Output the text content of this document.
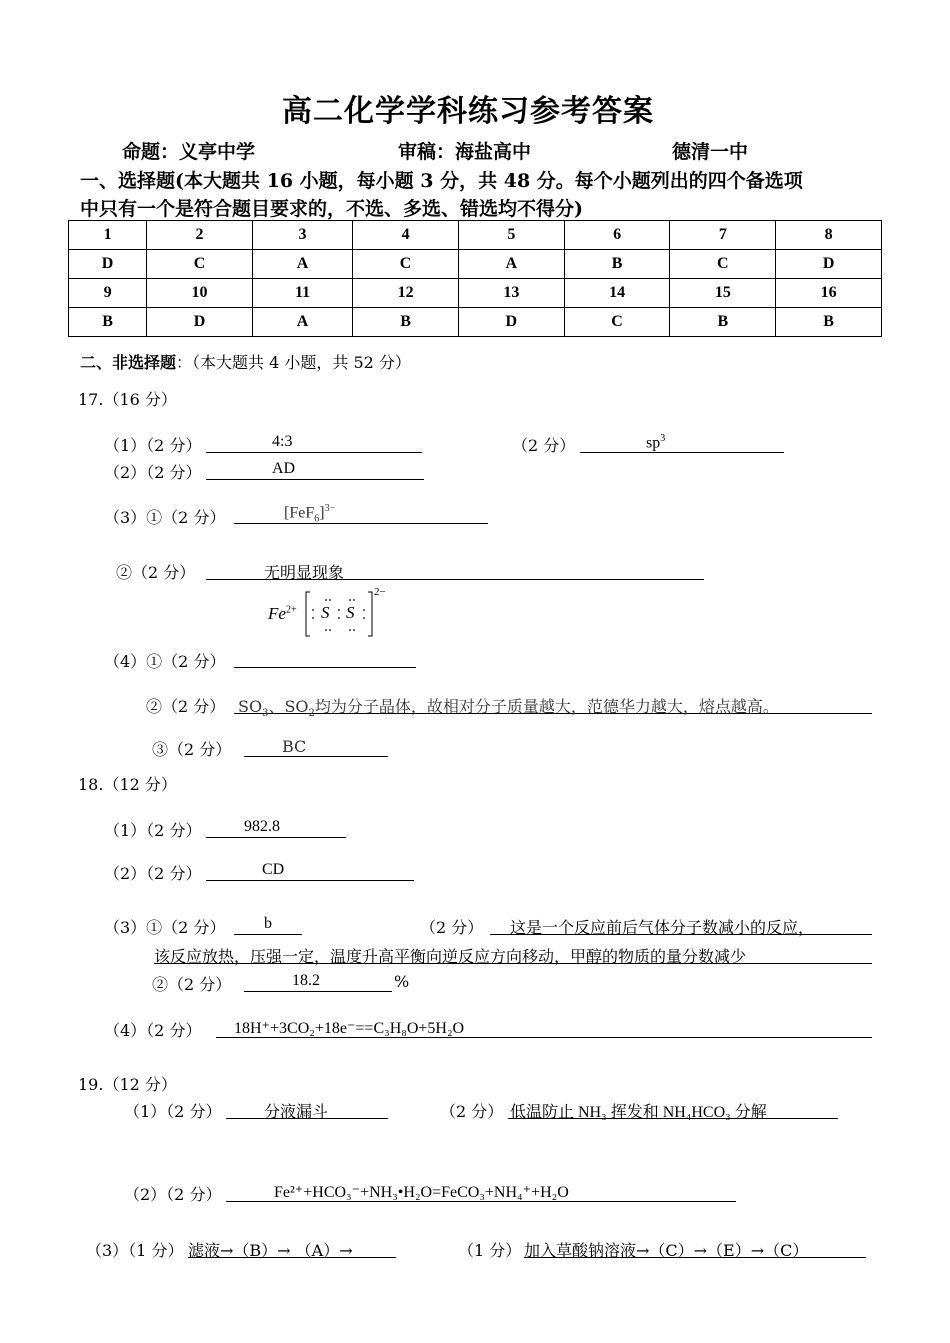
高二化学学科练习参考答案
命题：义亭中学	审稿：海盐高中	德清一中
一、选择题(本大题共 16 小题，每小题 3 分，共 48 分。每个小题列出的四个备选项
中只有一个是符合题目要求的，不选、多选、错选均不得分)
1	2	3	4	5	6	7	8
D	C	A	C	A	B	C	D
9	10	11	12	13	14	15	16
B	D	A	B	D	C	B	B
二、非选择题：（本大题共 4 小题，共 52 分）
17.（16 分）
（1）（2 分）	4:3	（2 分）	$sp^3$
（2）（2 分）	AD
（3）①（2 分）	$[FeF_6]^{3-}$
②（2 分）	无明显现象
$Fe^{2+}$ S S
2−
（4）①（2 分）
②（2 分） $SO_3$、$SO_2$均为分子晶体，故相对分子质量越大，范德华力越大，熔点越高。
③（2 分）	BC
18.（12 分）
（1）（2 分）	982.8
（2）（2 分）	CD
（3）①（2 分） b	（2 分） 这是一个反应前后气体分子数减小的反应，
该反应放热，压强一定，温度升高平衡向逆反应方向移动，甲醇的物质的量分数减少
②（2 分）	18.2	%
（4）（2 分） 18H⁺+3CO₂+18e⁻==C₃H₈O+5H₂O
19.（12 分）
（1）（2 分）	分液漏斗	（2 分） 低温防止 NH₃ 挥发和 NH₄HCO₃ 分解
（2）（2 分）	Fe²⁺+HCO₃⁻+NH₃•H₂O=FeCO₃+NH₄⁺+H₂O
（3）（1 分） 滤液→（B）→ （A）→	（1 分） 加入草酸钠溶液→（C）→（E）→（C）
